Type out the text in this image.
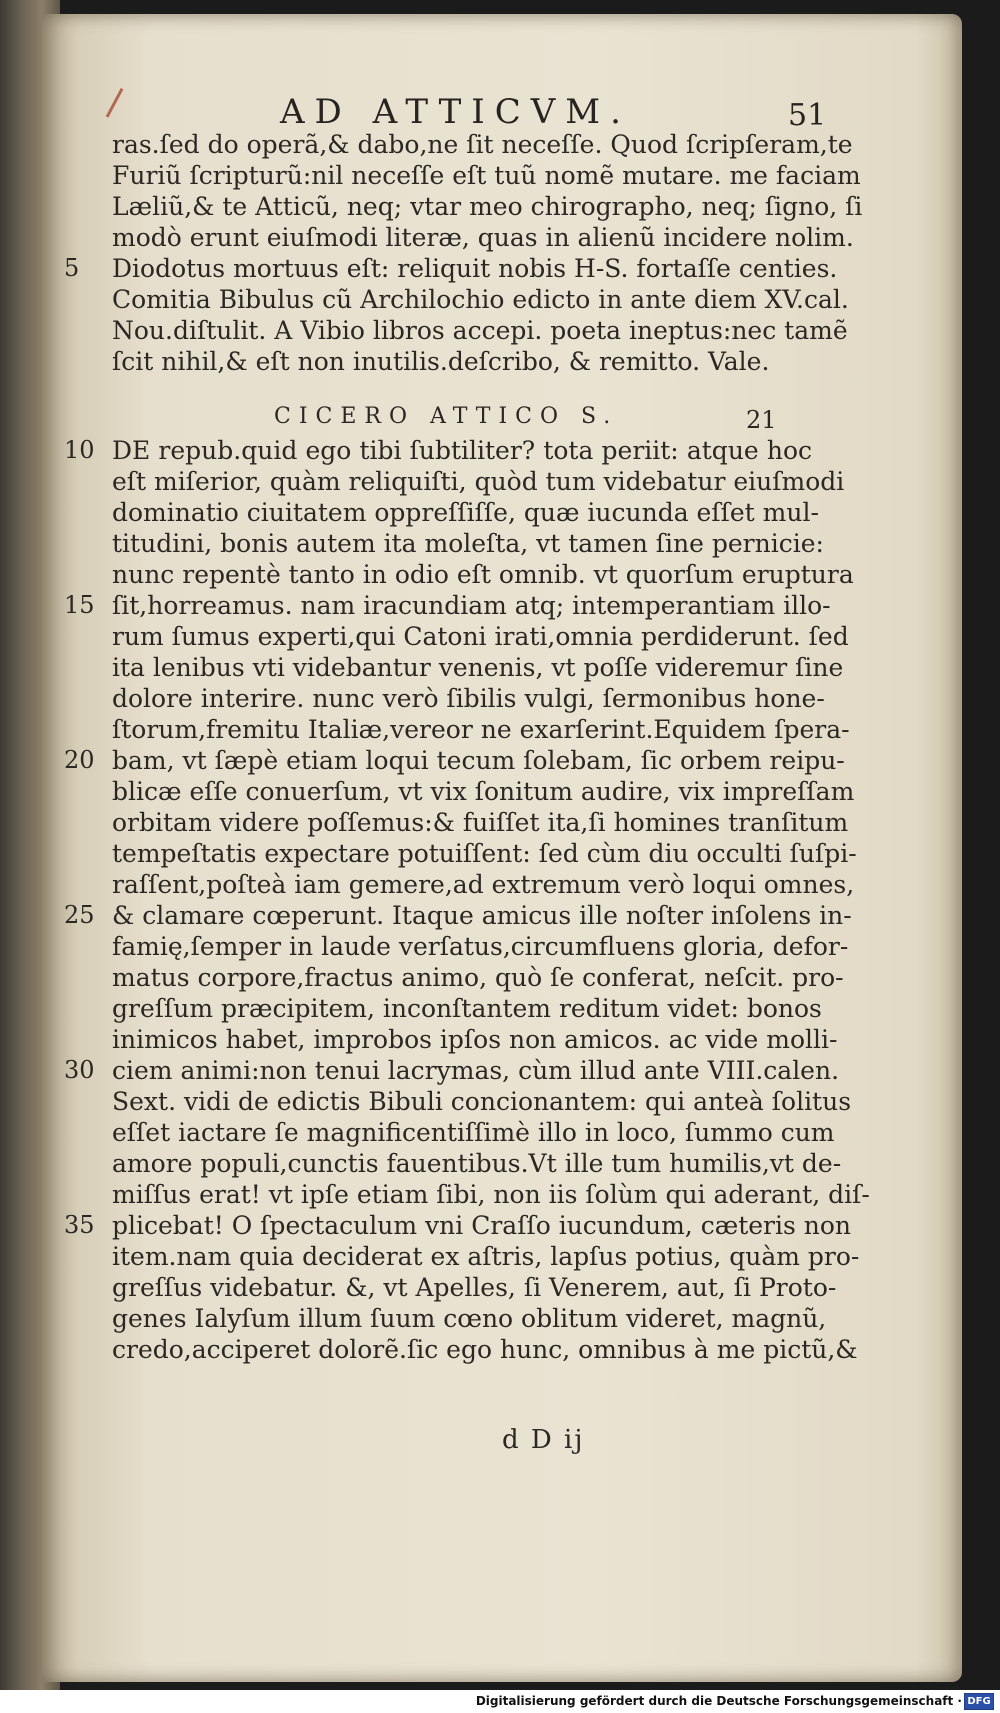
AD ATTICVM.	51
ras.ſed do operã,& dabo,ne ſit neceſſe. Quod ſcripſeram,te
Furiũ ſcripturũ:nil neceſſe eſt tuũ nomẽ mutare. me faciam
Læliũ,& te Atticũ, neq; vtar meo chirographo, neq; ſigno, ſi
modò erunt eiuſmodi literæ, quas in alienũ incidere nolim.
Diodotus mortuus eſt: reliquit nobis H-S. fortaſſe centies.
Comitia Bibulus cũ Archilochio edicto in ante diem XV.cal.
Nou.diſtulit. A Vibio libros accepi. poeta ineptus:nec tamẽ
ſcit nihil,& eſt non inutilis.deſcribo, & remitto. Vale.
CICERO ATTICO S.	21
DE repub.quid ego tibi ſubtiliter? tota periit: atque hoc
eſt miſerior, quàm reliquiſti, quòd tum videbatur eiuſmodi
dominatio ciuitatem oppreſſiſſe, quæ iucunda eſſet mul-
titudini, bonis autem ita moleſta, vt tamen ſine pernicie:
nunc repentè tanto in odio eſt omnib. vt quorſum eruptura
ſit,horreamus. nam iracundiam atq; intemperantiam illo-
rum ſumus experti,qui Catoni irati,omnia perdiderunt. ſed
ita lenibus vti videbantur venenis, vt poſſe videremur ſine
dolore interire. nunc verò ſibilis vulgi, ſermonibus hone-
ſtorum,fremitu Italiæ,vereor ne exarſerint.Equidem ſpera-
bam, vt ſæpè etiam loqui tecum ſolebam, ſic orbem reipu-
blicæ eſſe conuerſum, vt vix ſonitum audire, vix impreſſam
orbitam videre poſſemus:& fuiſſet ita,ſi homines tranſitum
tempeſtatis expectare potuiſſent: ſed cùm diu occulti ſuſpi-
raſſent,poſteà iam gemere,ad extremum verò loqui omnes,
& clamare cœperunt. Itaque amicus ille noſter inſolens in-
famię,ſemper in laude verſatus,circumfluens gloria, defor-
matus corpore,fractus animo, quò ſe conferat, neſcit. pro-
greſſum præcipitem, inconſtantem reditum videt: bonos
inimicos habet, improbos ipſos non amicos. ac vide molli-
ciem animi:non tenui lacrymas, cùm illud ante VIII.calen.
Sext. vidi de edictis Bibuli concionantem: qui anteà ſolitus
eſſet iactare ſe magnificentiſſimè illo in loco, ſummo cum
amore populi,cunctis fauentibus.Vt ille tum humilis,vt de-
miſſus erat! vt ipſe etiam ſibi, non iis ſolùm qui aderant, diſ-
plicebat! O ſpectaculum vni Craſſo iucundum, cæteris non
item.nam quia deciderat ex aſtris, lapſus potius, quàm pro-
greſſus videbatur. &, vt Apelles, ſi Venerem, aut, ſi Proto-
genes Ialyſum illum ſuum cœno oblitum videret, magnũ,
credo,acciperet dolorẽ.ſic ego hunc, omnibus à me pictũ,&
5
10
15
20
25
30
35
d D ij
Digitalisierung gefördert durch die Deutsche Forschungsgemeinschaft · DFG
